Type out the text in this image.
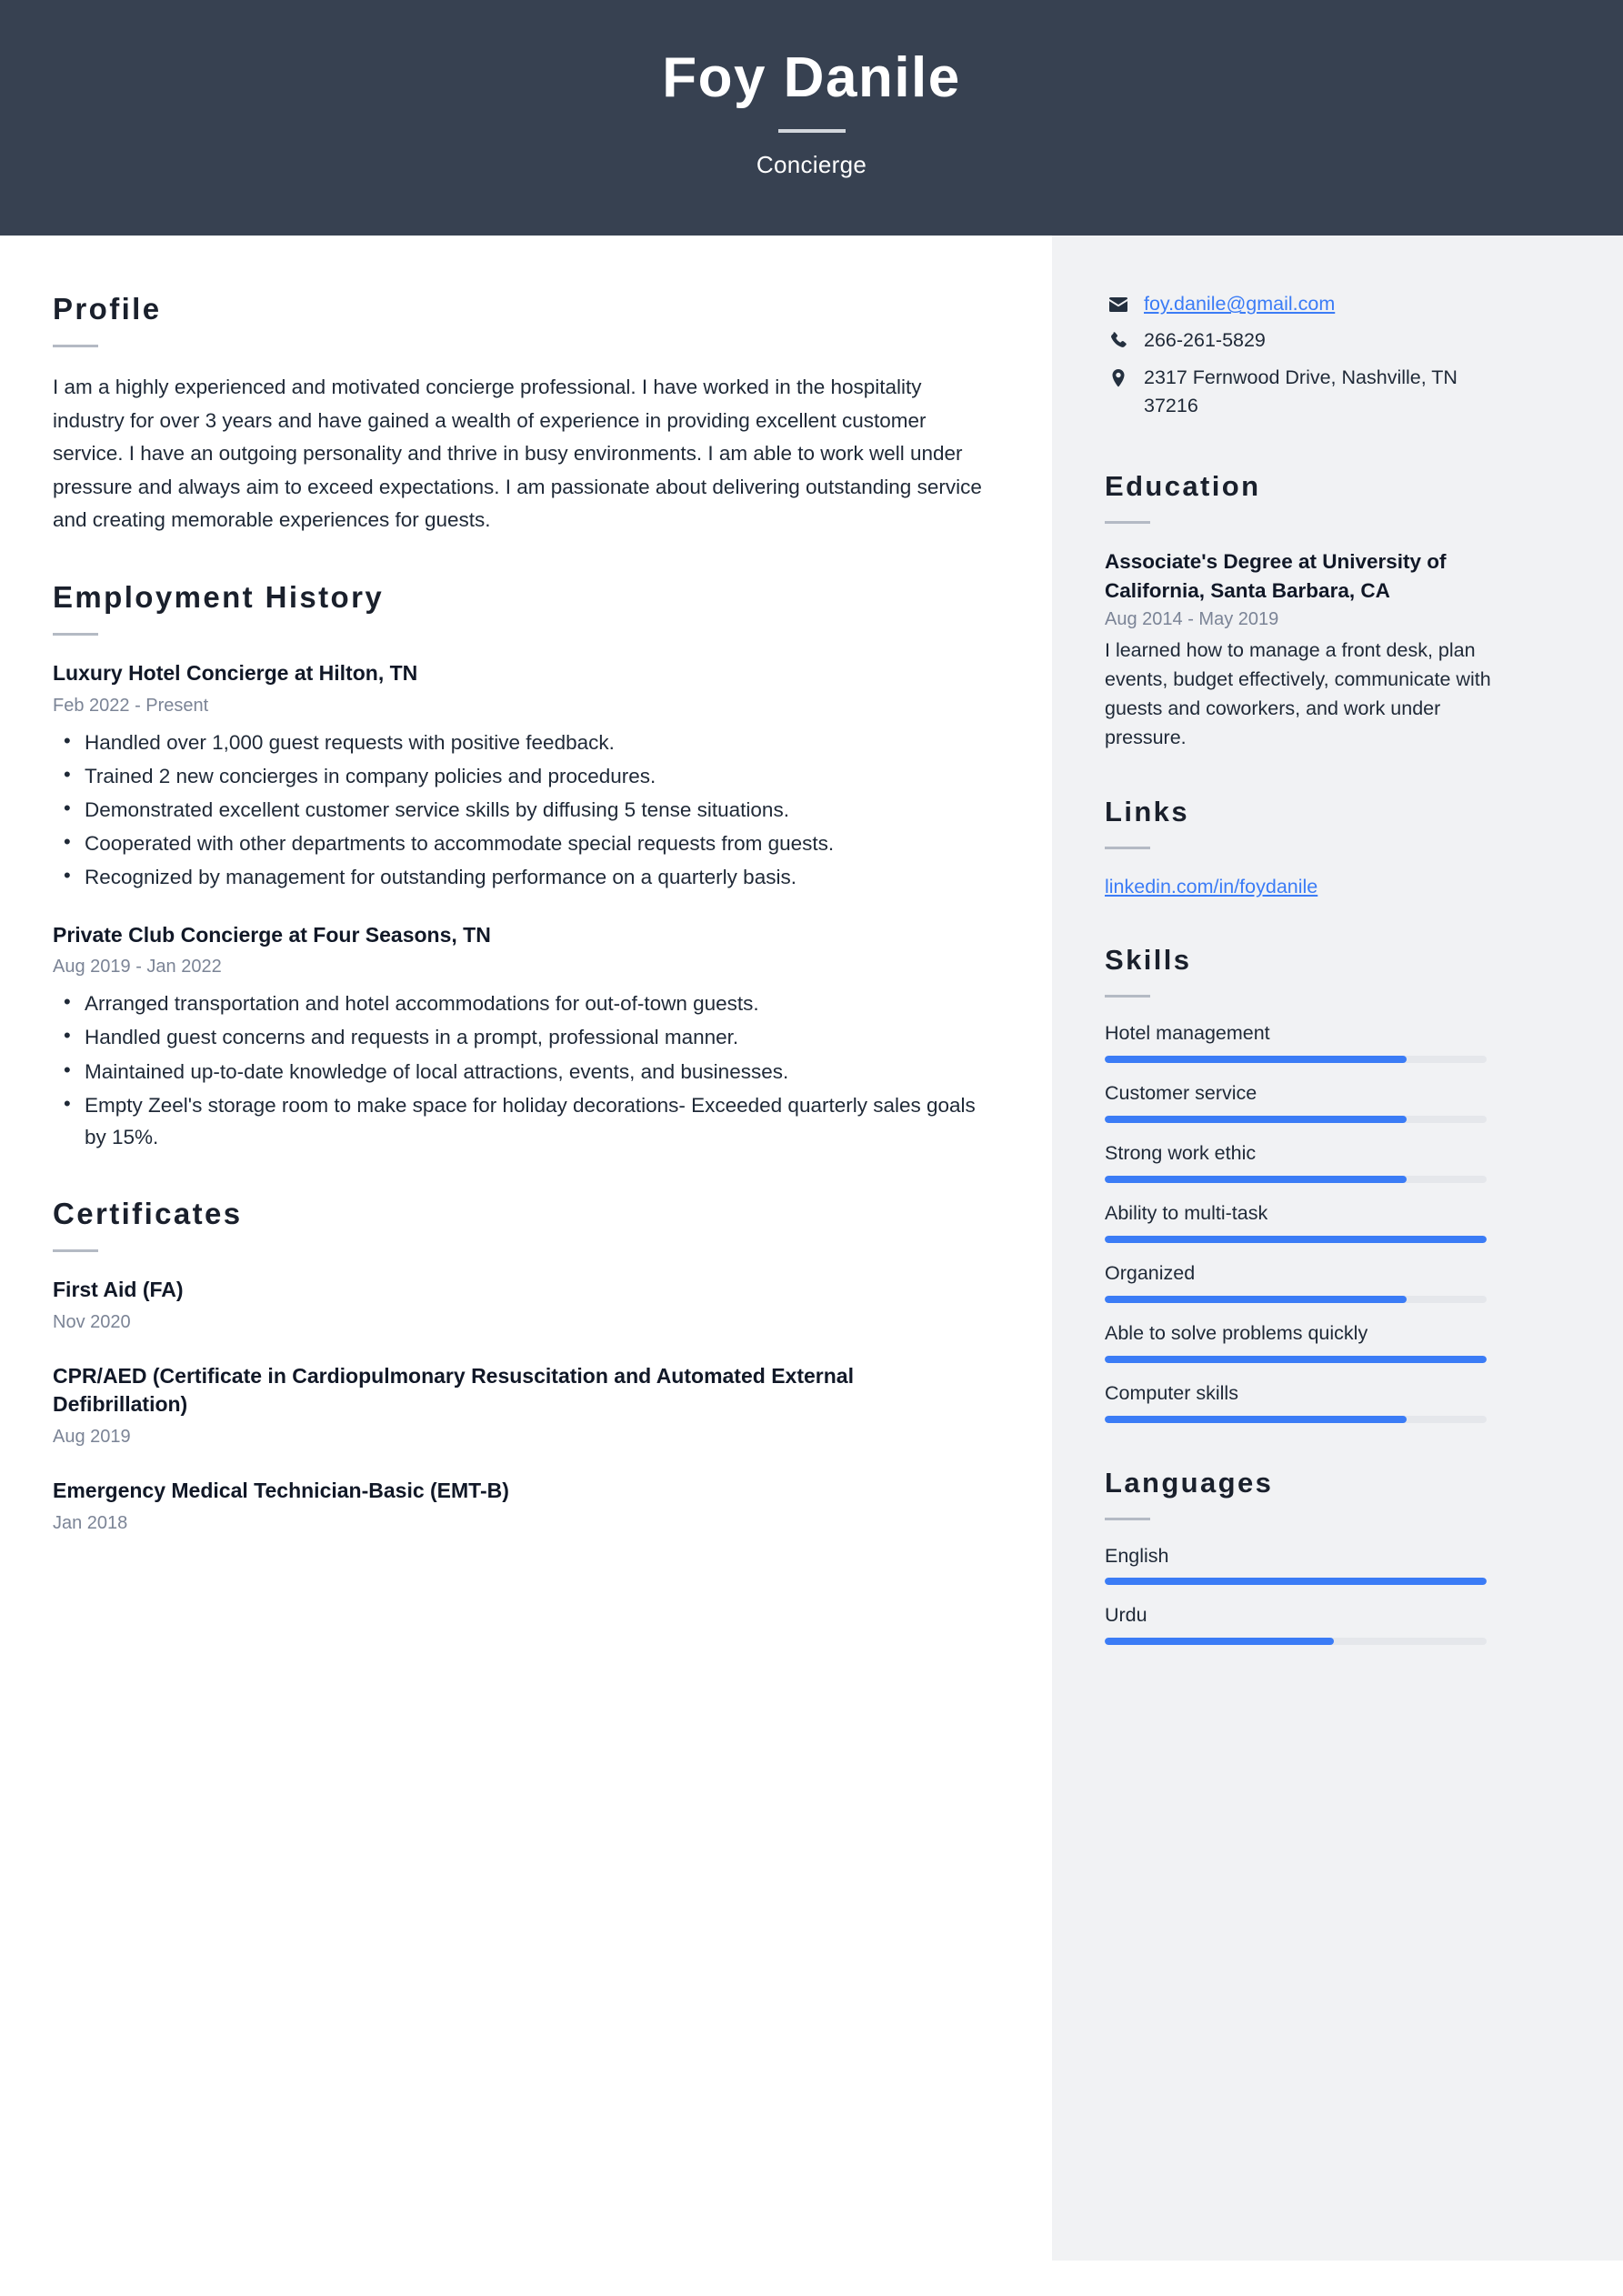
Foy Danile
Concierge
Profile
I am a highly experienced and motivated concierge professional. I have worked in the hospitality industry for over 3 years and have gained a wealth of experience in providing excellent customer service. I have an outgoing personality and thrive in busy environments. I am able to work well under pressure and always aim to exceed expectations. I am passionate about delivering outstanding service and creating memorable experiences for guests.
Employment History
Luxury Hotel Concierge at Hilton, TN
Feb 2022 - Present
• Handled over 1,000 guest requests with positive feedback.
• Trained 2 new concierges in company policies and procedures.
• Demonstrated excellent customer service skills by diffusing 5 tense situations.
• Cooperated with other departments to accommodate special requests from guests.
• Recognized by management for outstanding performance on a quarterly basis.
Private Club Concierge at Four Seasons, TN
Aug 2019 - Jan 2022
• Arranged transportation and hotel accommodations for out-of-town guests.
• Handled guest concerns and requests in a prompt, professional manner.
• Maintained up-to-date knowledge of local attractions, events, and businesses.
• Empty Zeel's storage room to make space for holiday decorations- Exceeded quarterly sales goals by 15%.
Certificates
First Aid (FA)
Nov 2020
CPR/AED (Certificate in Cardiopulmonary Resuscitation and Automated External Defibrillation)
Aug 2019
Emergency Medical Technician-Basic (EMT-B)
Jan 2018
foy.danile@gmail.com
266-261-5829
2317 Fernwood Drive, Nashville, TN 37216
Education
Associate's Degree at University of California, Santa Barbara, CA
Aug 2014 - May 2019
I learned how to manage a front desk, plan events, budget effectively, communicate with guests and coworkers, and work under pressure.
Links
linkedin.com/in/foydanile
Skills
Hotel management
Customer service
Strong work ethic
Ability to multi-task
Organized
Able to solve problems quickly
Computer skills
Languages
English
Urdu
